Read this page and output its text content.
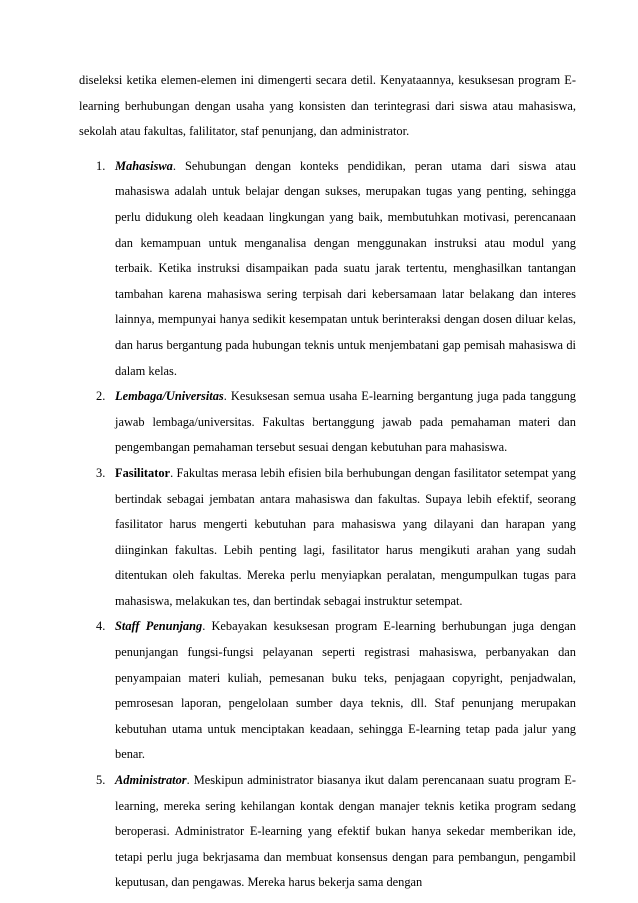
diseleksi ketika elemen-elemen ini dimengerti secara detil. Kenyataannya, kesuksesan program E-learning berhubungan dengan usaha yang konsisten dan terintegrasi dari siswa atau mahasiswa, sekolah atau fakultas, falilitator, staf penunjang, dan administrator.

1. Mahasiswa. Sehubungan dengan konteks pendidikan, peran utama dari siswa atau mahasiswa adalah untuk belajar dengan sukses, merupakan tugas yang penting, sehingga perlu didukung oleh keadaan lingkungan yang baik, membutuhkan motivasi, perencanaan dan kemampuan untuk menganalisa dengan menggunakan instruksi atau modul yang terbaik. Ketika instruksi disampaikan pada suatu jarak tertentu, menghasilkan tantangan tambahan karena mahasiswa sering terpisah dari kebersamaan latar belakang dan interes lainnya, mempunyai hanya sedikit kesempatan untuk berinteraksi dengan dosen diluar kelas, dan harus bergantung pada hubungan teknis untuk menjembatani gap pemisah mahasiswa di dalam kelas.
2. Lembaga/Universitas. Kesuksesan semua usaha E-learning bergantung juga pada tanggung jawab lembaga/universitas. Fakultas bertanggung jawab pada pemahaman materi dan pengembangan pemahaman tersebut sesuai dengan kebutuhan para mahasiswa.
3. Fasilitator. Fakultas merasa lebih efisien bila berhubungan dengan fasilitator setempat yang bertindak sebagai jembatan antara mahasiswa dan fakultas. Supaya lebih efektif, seorang fasilitator harus mengerti kebutuhan para mahasiswa yang dilayani dan harapan yang diinginkan fakultas. Lebih penting lagi, fasilitator harus mengikuti arahan yang sudah ditentukan oleh fakultas. Mereka perlu menyiapkan peralatan, mengumpulkan tugas para mahasiswa, melakukan tes, dan bertindak sebagai instruktur setempat.
4. Staff Penunjang. Kebayakan kesuksesan program E-learning berhubungan juga dengan penunjangan fungsi-fungsi pelayanan seperti registrasi mahasiswa, perbanyakan dan penyampaian materi kuliah, pemesanan buku teks, penjagaan copyright, penjadwalan, pemrosesan laporan, pengelolaan sumber daya teknis, dll. Staf penunjang merupakan kebutuhan utama untuk menciptakan keadaan, sehingga E-learning tetap pada jalur yang benar.
5. Administrator. Meskipun administrator biasanya ikut dalam perencanaan suatu program E-learning, mereka sering kehilangan kontak dengan manajer teknis ketika program sedang beroperasi. Administrator E-learning yang efektif bukan hanya sekedar memberikan ide, tetapi perlu juga bekrjasama dan membuat konsensus dengan para pembangun, pengambil keputusan, dan pengawas. Mereka harus bekerja sama dengan
